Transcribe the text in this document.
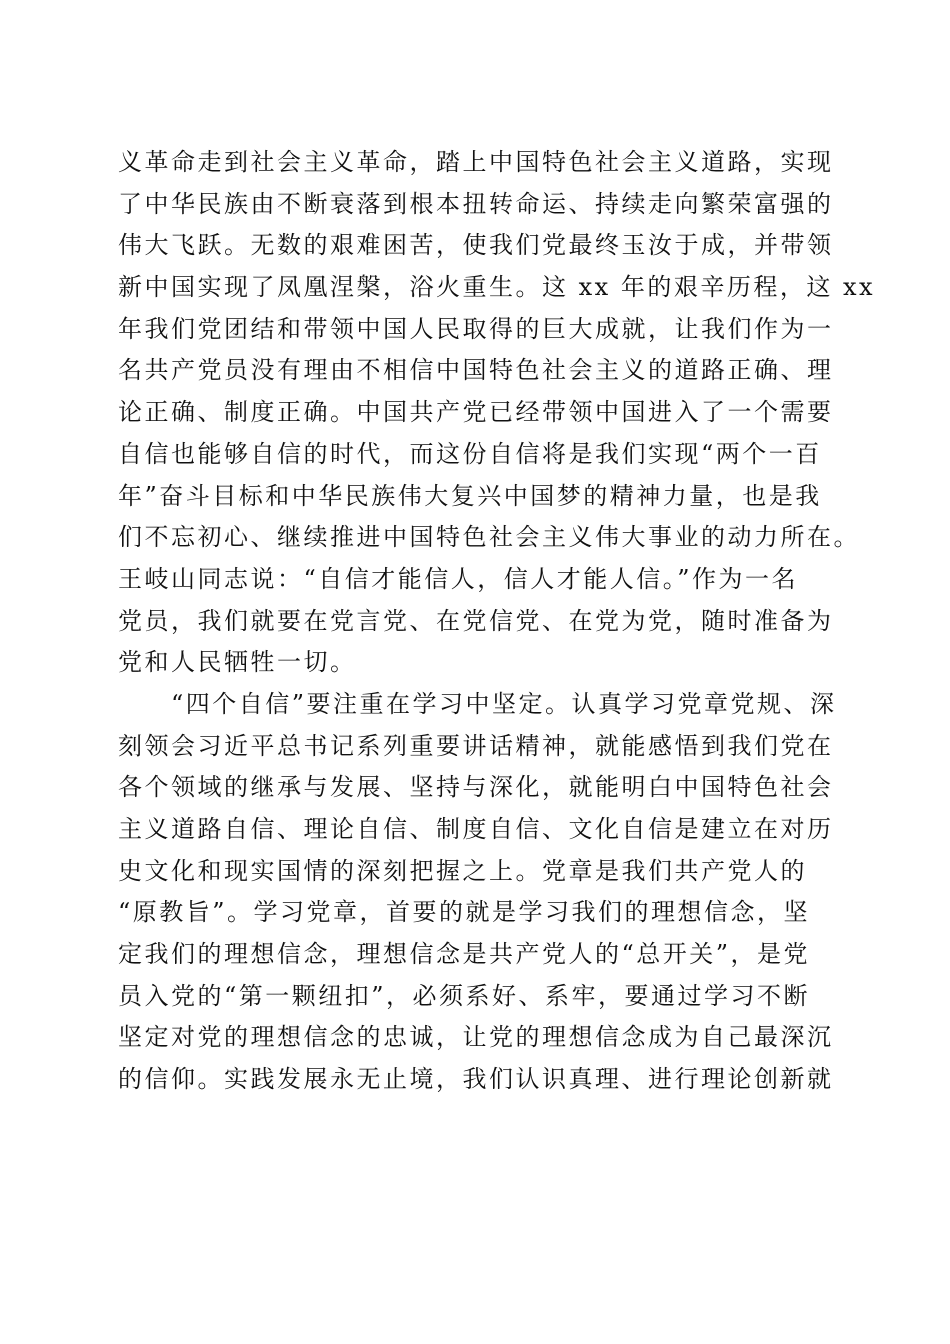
义革命走到社会主义革命，踏上中国特色社会主义道路，实现
了中华民族由不断衰落到根本扭转命运、持续走向繁荣富强的
伟大飞跃。无数的艰难困苦，使我们党最终玉汝于成，并带领
新中国实现了凤凰涅槃，浴火重生。这 xx 年的艰辛历程，这 xx
年我们党团结和带领中国人民取得的巨大成就，让我们作为一
名共产党员没有理由不相信中国特色社会主义的道路正确、理
论正确、制度正确。中国共产党已经带领中国进入了一个需要
自信也能够自信的时代，而这份自信将是我们实现“两个一百
年”奋斗目标和中华民族伟大复兴中国梦的精神力量，也是我
们不忘初心、继续推进中国特色社会主义伟大事业的动力所在。
王岐山同志说：“自信才能信人，信人才能人信。”作为一名
党员，我们就要在党言党、在党信党、在党为党，随时准备为
党和人民牺牲一切。
　　“四个自信”要注重在学习中坚定。认真学习党章党规、深
刻领会习近平总书记系列重要讲话精神，就能感悟到我们党在
各个领域的继承与发展、坚持与深化，就能明白中国特色社会
主义道路自信、理论自信、制度自信、文化自信是建立在对历
史文化和现实国情的深刻把握之上。党章是我们共产党人的
“原教旨”。学习党章，首要的就是学习我们的理想信念，坚
定我们的理想信念，理想信念是共产党人的“总开关”，是党
员入党的“第一颗纽扣”，必须系好、系牢，要通过学习不断
坚定对党的理想信念的忠诚，让党的理想信念成为自己最深沉
的信仰。实践发展永无止境，我们认识真理、进行理论创新就
